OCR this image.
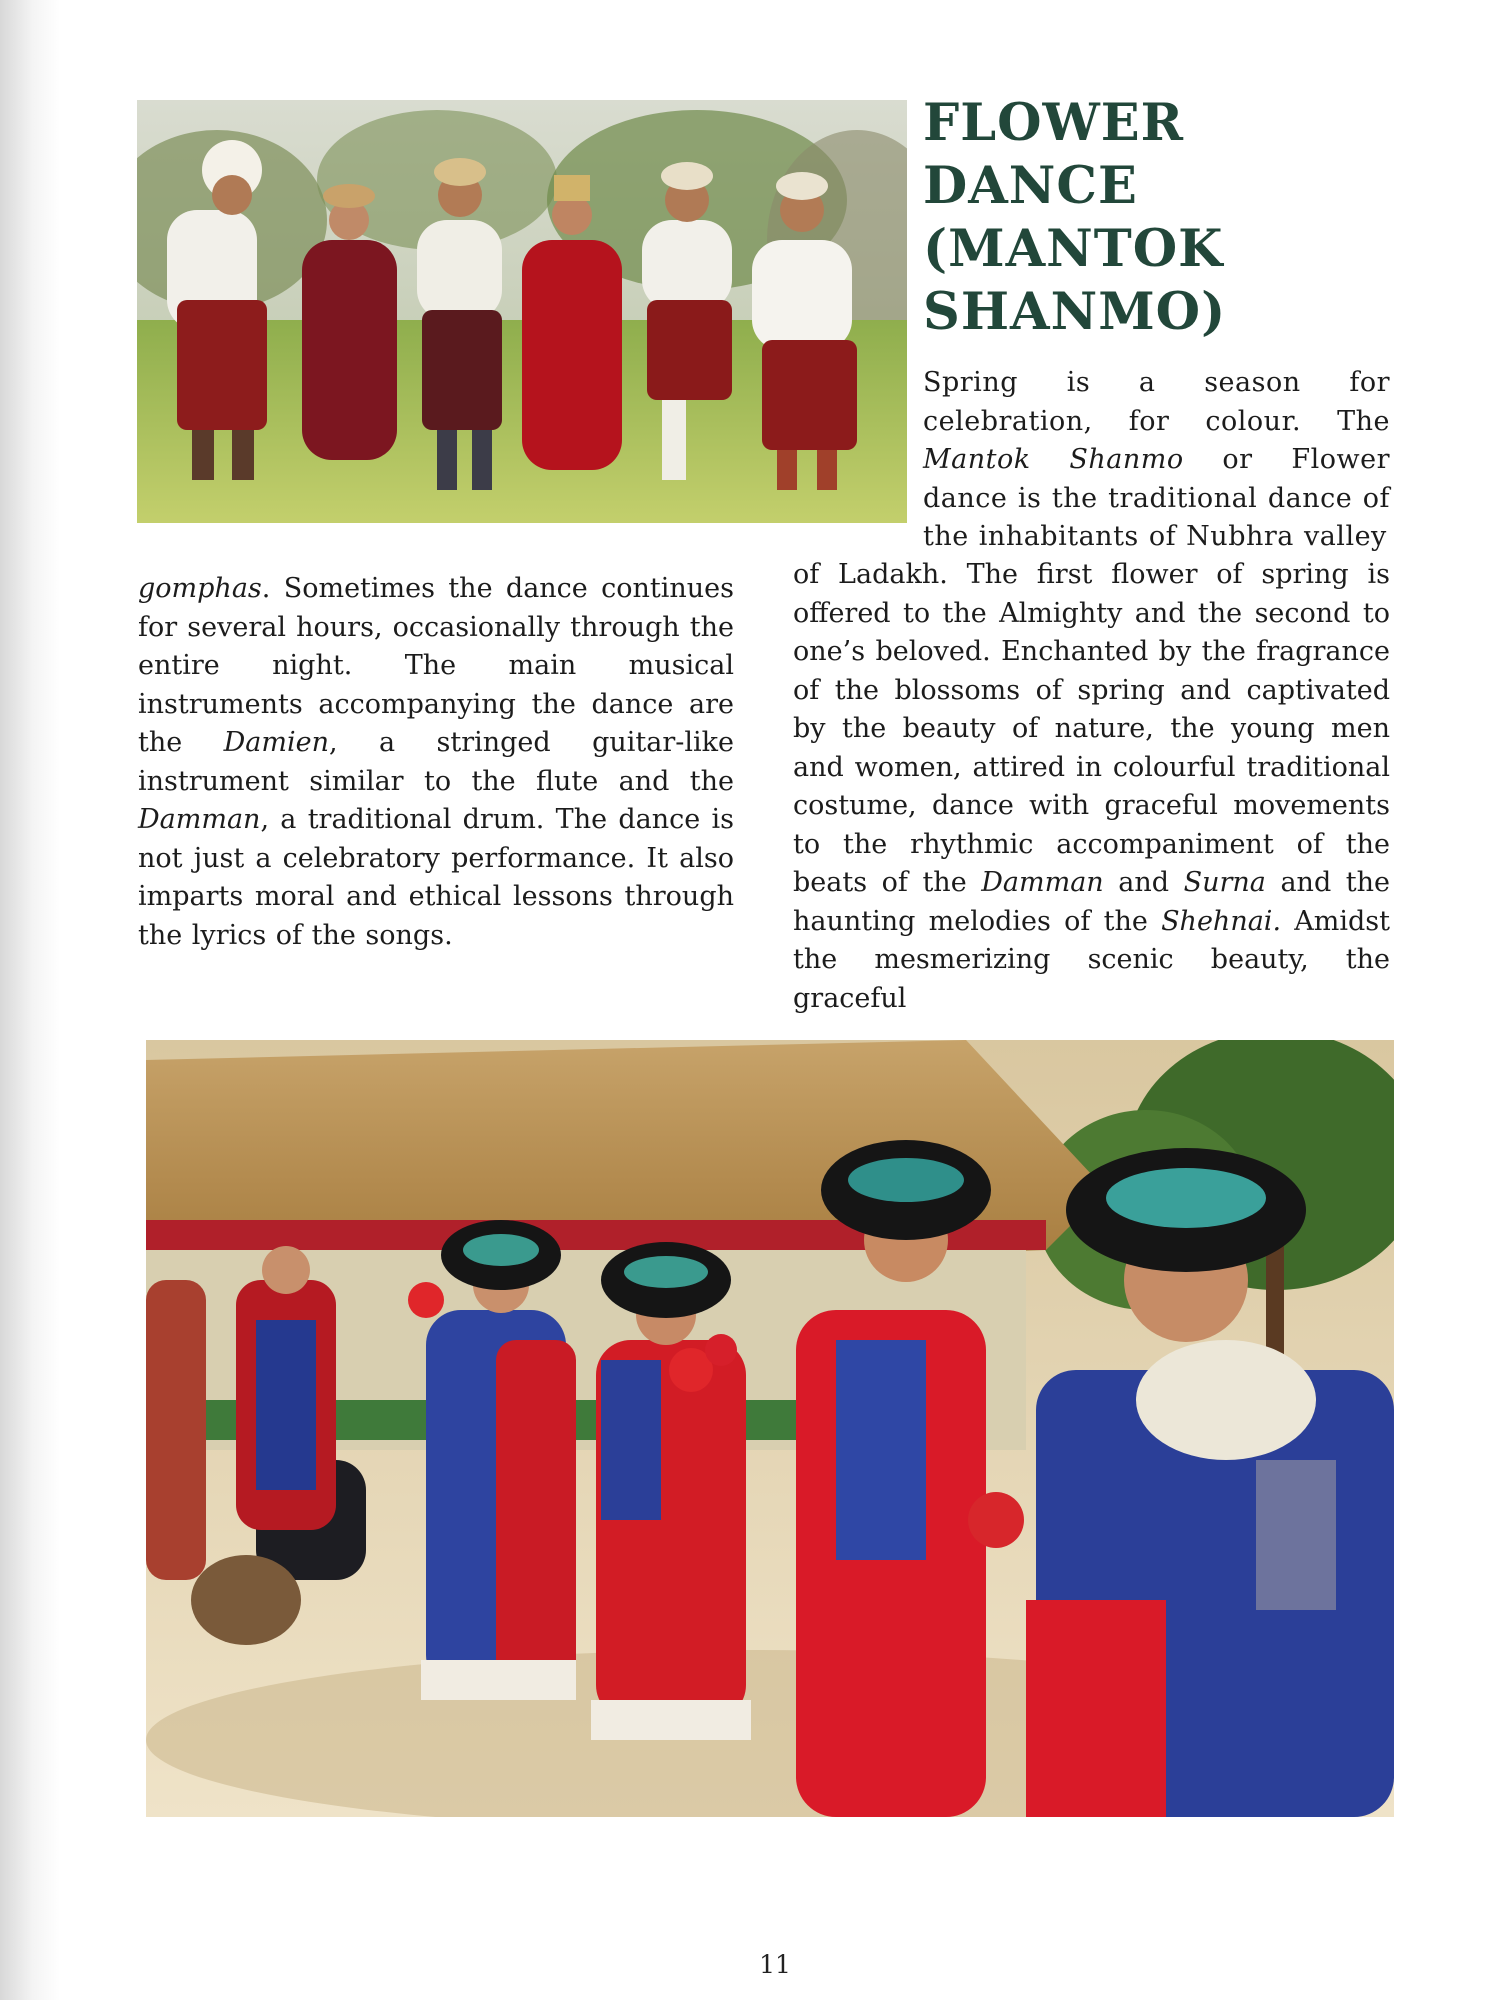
FLOWER
DANCE
(MANTOK
SHANMO)

Spring is a season for celebration, for colour. The Mantok Shanmo or Flower dance is the traditional dance of the inhabitants of Nubhra valley

of Ladakh. The first flower of spring is offered to the Almighty and the second to one’s beloved. Enchanted by the fragrance of the blossoms of spring and captivated by the beauty of nature, the young men and women, attired in colourful traditional costume, dance with graceful movements to the rhythmic accompaniment of the beats of the Damman and Surna and the haunting melodies of the Shehnai. Amidst the mesmerizing scenic beauty, the graceful

gomphas. Sometimes the dance continues for several hours, occasionally through the entire night. The main musical instruments accompanying the dance are the Damien, a stringed guitar-like instrument similar to the flute and the Damman, a traditional drum. The dance is not just a celebratory performance. It also imparts moral and ethical lessons through the lyrics of the songs.

11
